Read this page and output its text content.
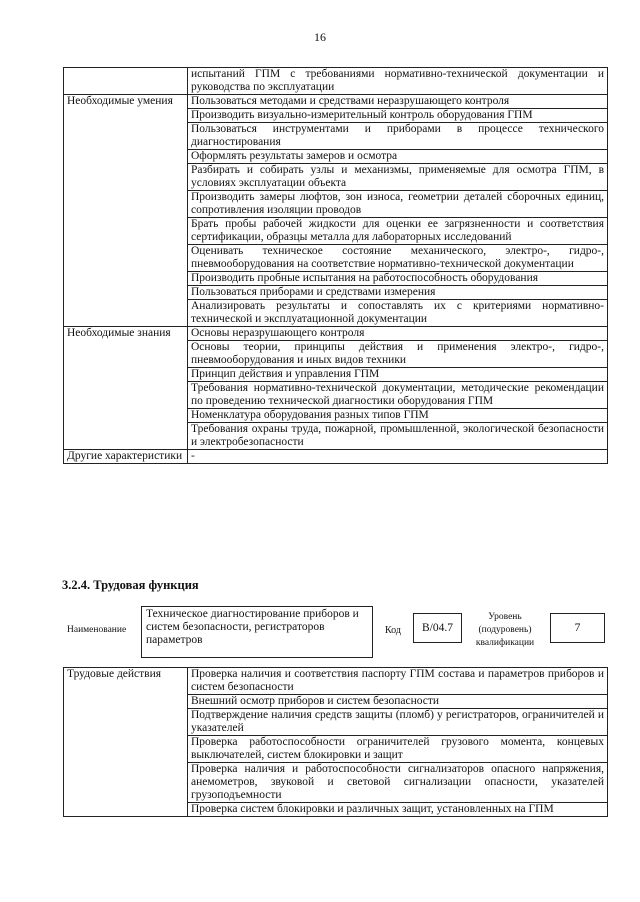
16
	испытаний ГПМ с требованиями нормативно-технической документации и руководства по эксплуатации
Необходимые умения	Пользоваться методами и средствами неразрушающего контроля
	Производить визуально-измерительный контроль оборудования ГПМ
	Пользоваться инструментами и приборами в процессе технического диагностирования
	Оформлять результаты замеров и осмотра
	Разбирать и собирать узлы и механизмы, применяемые для осмотра ГПМ, в условиях эксплуатации объекта
	Производить замеры люфтов, зон износа, геометрии деталей сборочных единиц, сопротивления изоляции проводов
	Брать пробы рабочей жидкости для оценки ее загрязненности и соответствия сертификации, образцы металла для лабораторных исследований
	Оценивать техническое состояние механического, электро-, гидро-, пневмооборудования на соответствие нормативно-технической документации
	Производить пробные испытания на работоспособность оборудования
	Пользоваться приборами и средствами измерения
	Анализировать результаты и сопоставлять их с критериями нормативно-технической и эксплуатационной документации
Необходимые знания	Основы неразрушающего контроля
	Основы теории, принципы действия и применения электро-, гидро-, пневмооборудования и иных видов техники
	Принцип действия и управления ГПМ
	Требования нормативно-технической документации, методические рекомендации по проведению технической диагностики оборудования ГПМ
	Номенклатура оборудования разных типов ГПМ
	Требования охраны труда, пожарной, промышленной, экологической безопасности и электробезопасности
Другие характеристики	-
3.2.4. Трудовая функция
Наименование
Техническое диагностирование приборов и систем безопасности, регистраторов параметров
Код	B/04.7
Уровень (подуровень) квалификации
7
Трудовые действия	Проверка наличия и соответствия паспорту ГПМ состава и параметров приборов и систем безопасности
Внешний осмотр приборов и систем безопасности
Подтверждение наличия средств защиты (пломб) у регистраторов, ограничителей и указателей
Проверка работоспособности ограничителей грузового момента, концевых выключателей, систем блокировки и защит
Проверка наличия и работоспособности сигнализаторов опасного напряжения, анемометров, звуковой и световой сигнализации опасности, указателей грузоподъемности
Проверка систем блокировки и различных защит, установленных на ГПМ
